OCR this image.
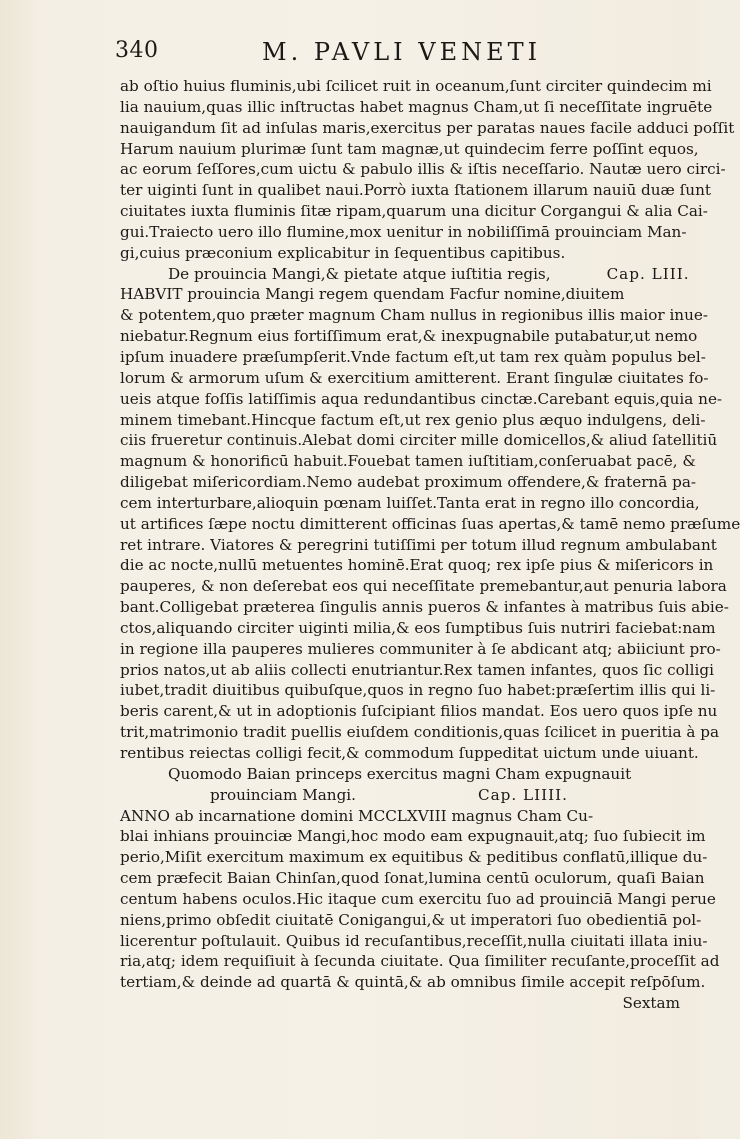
340	M. PAVLI VENETI
ab oſtio huius fluminis,ubi ſcilicet ruit in oceanum,ſunt circiter quindecim mi
lia nauium,quas illic inſtructas habet magnus Cham,ut ſi neceſſitate ingruēte
nauigandum ſit ad inſulas maris,exercitus per paratas naues facile adduci poſſit
Harum nauium plurimæ ſunt tam magnæ,ut quindecim ferre poſſint equos,
ac eorum ſeſſores,cum uictu & pabulo illis & iſtis neceſſario. Nautæ uero circi-
ter uiginti ſunt in qualibet naui.Porrò iuxta ſtationem illarum nauiū duæ ſunt
ciuitates iuxta fluminis ſitæ ripam,quarum una dicitur Corgangui & alia Cai-
gui.Traiecto uero illo flumine,mox uenitur in nobiliſſimā prouinciam Man-
gi,cuius præconium explicabitur in ſequentibus capitibus.
De prouincia Mangi,& pietate atque iuſtitia regis,	Cap. LIII.
HABVIT prouincia Mangi regem quendam Facfur nomine,diuitem
& potentem,quo præter magnum Cham nullus in regionibus illis maior inue-
niebatur.Regnum eius fortiſſimum erat,& inexpugnabile putabatur,ut nemo
ipſum inuadere præſumpſerit.Vnde factum eſt,ut tam rex quàm populus bel-
lorum & armorum uſum & exercitium amitterent. Erant ſingulæ ciuitates fo-
ueis atque foſſis latiſſimis aqua redundantibus cinctæ.Carebant equis,quia ne-
minem timebant.Hincque factum eſt,ut rex genio plus æquo indulgens, deli-
ciis frueretur continuis.Alebat domi circiter mille domicellos,& aliud ſatellitiū
magnum & honorificū habuit.Fouebat tamen iuſtitiam,conſeruabat pacē, &
diligebat miſericordiam.Nemo audebat proximum offendere,& fraternā pa-
cem interturbare,alioquin pœnam luiſſet.Tanta erat in regno illo concordia,
ut artifices ſæpe noctu dimitterent officinas ſuas apertas,& tamē nemo præſume
ret intrare. Viatores & peregrini tutiſſimi per totum illud regnum ambulabant
die ac nocte,nullū metuentes hominē.Erat quoq; rex ipſe pius & miſericors in
pauperes, & non deſerebat eos qui neceſſitate premebantur,aut penuria labora
bant.Colligebat præterea ſingulis annis pueros & infantes à matribus ſuis abie-
ctos,aliquando circiter uiginti milia,& eos ſumptibus ſuis nutriri faciebat:nam
in regione illa pauperes mulieres communiter à ſe abdicant atq; abiiciunt pro-
prios natos,ut ab aliis collecti enutriantur.Rex tamen infantes, quos ſic colligi
iubet,tradit diuitibus quibuſque,quos in regno ſuo habet:præſertim illis qui li-
beris carent,& ut in adoptionis ſuſcipiant filios mandat. Eos uero quos ipſe nu
trit,matrimonio tradit puellis eiuſdem conditionis,quas ſcilicet in pueritia à pa
rentibus reiectas colligi fecit,& commodum ſuppeditat uictum unde uiuant.
Quomodo Baian princeps exercitus magni Cham expugnauit
prouinciam Mangi.	Cap. LIIII.
ANNO ab incarnatione domini MCCLXVIII magnus Cham Cu-
blai inhians prouinciæ Mangi,hoc modo eam expugnauit,atq; ſuo ſubiecit im
perio,Miſit exercitum maximum ex equitibus & peditibus conflatū,illique du-
cem præfecit Baian Chinſan,quod ſonat,lumina centū oculorum, quaſi Baian
centum habens oculos.Hic itaque cum exercitu ſuo ad prouinciā Mangi perue
niens,primo obſedit ciuitatē Conigangui,& ut imperatori ſuo obedientiā pol-
licerentur poſtulauit. Quibus id recuſantibus,receſſit,nulla ciuitati illata iniu-
ria,atq; idem requiſiuit à ſecunda ciuitate. Qua ſimiliter recuſante,proceſſit ad
tertiam,& deinde ad quartā & quintā,& ab omnibus ſimile accepit reſpōſum.
Sextam
